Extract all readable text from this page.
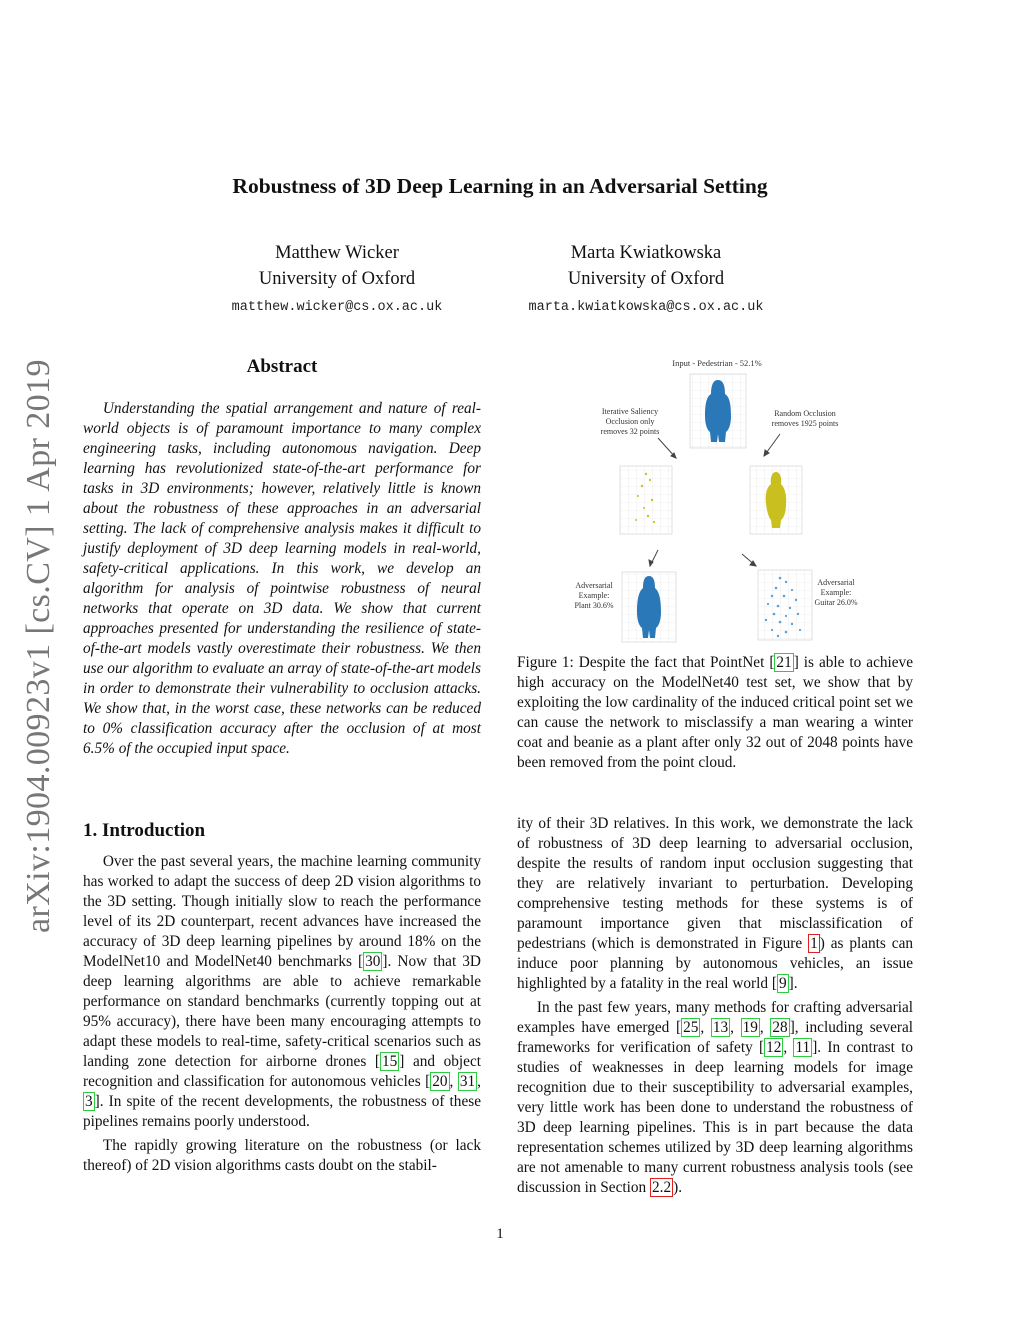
Robustness of 3D Deep Learning in an Adversarial Setting
Matthew Wicker
University of Oxford
matthew.wicker@cs.ox.ac.uk
Marta Kwiatkowska
University of Oxford
marta.kwiatkowska@cs.ox.ac.uk
arXiv:1904.00923v1 [cs.CV] 1 Apr 2019	Abstract

Understanding the spatial arrangement and nature of real-world objects is of paramount importance to many complex engineering tasks, including autonomous navigation. Deep learning has revolutionized state-of-the-art performance for tasks in 3D environments; however, relatively little is known about the robustness of these approaches in an adversarial setting. The lack of comprehensive analysis makes it difficult to justify deployment of 3D deep learning models in real-world, safety-critical applications. In this work, we develop an algorithm for analysis of pointwise robustness of neural networks that operate on 3D data. We show that current approaches presented for understanding the resilience of state-of-the-art models vastly overestimate their robustness. We then use our algorithm to evaluate an array of state-of-the-art models in order to demonstrate their vulnerability to occlusion attacks. We show that, in the worst case, these networks can be reduced to 0% classification accuracy after the occlusion of at most 6.5% of the occupied input space.

1. Introduction

Over the past several years, the machine learning community has worked to adapt the success of deep 2D vision algorithms to the 3D setting. Though initially slow to reach the performance level of its 2D counterpart, recent advances have increased the accuracy of 3D deep learning pipelines by around 18% on the ModelNet10 and ModelNet40 benchmarks [ 30 ]. Now that 3D deep learning algorithms are able to achieve remarkable performance on standard benchmarks (currently topping out at 95% accuracy), there have been many encouraging attempts to adapt these models to real-time, safety-critical scenarios such as landing zone detection for airborne drones [ 15 ] and object recognition and classification for autonomous vehicles [ 20 , 31 , 3 ]. In spite of the recent developments, the robustness of these pipelines remains poorly understood.

The rapidly growing literature on the robustness (or lack thereof) of 2D vision algorithms casts doubt on the stabil-

Input - Pedestrian - 52.1%
Iterative Saliency
Occlusion only
removes 32 points
Random Occlusion
removes 1925 points
Adversarial
Example:
Plant 30.6%
Adversarial
Example:
Guitar 26.0%
Figure 1: Despite the fact that PointNet [ 21 ] is able to achieve high accuracy on the ModelNet40 test set, we show that by exploiting the low cardinality of the induced critical point set we can cause the network to misclassify a man wearing a winter coat and beanie as a plant after only 32 out of 2048 points have been removed from the point cloud.

ity of their 3D relatives. In this work, we demonstrate the lack of robustness of 3D deep learning to adversarial occlusion, despite the results of random input occlusion suggesting that they are relatively invariant to perturbation. Developing comprehensive testing methods for these systems is of paramount importance given that misclassification of pedestrians (which is demonstrated in Figure 1 ) as plants can induce poor planning by autonomous vehicles, an issue highlighted by a fatality in the real world [ 9 ].

In the past few years, many methods for crafting adversarial examples have emerged [ 25 , 13 , 19 , 28 ], including several frameworks for verification of safety [ 12 , 11 ]. In contrast to studies of weaknesses in deep learning models for image recognition due to their susceptibility to adversarial examples, very little work has been done to understand the robustness of 3D deep learning pipelines. This is in part because the data representation schemes utilized by 3D deep learning algorithms are not amenable to many current robustness analysis tools (see discussion in Section 2.2 ).

1
